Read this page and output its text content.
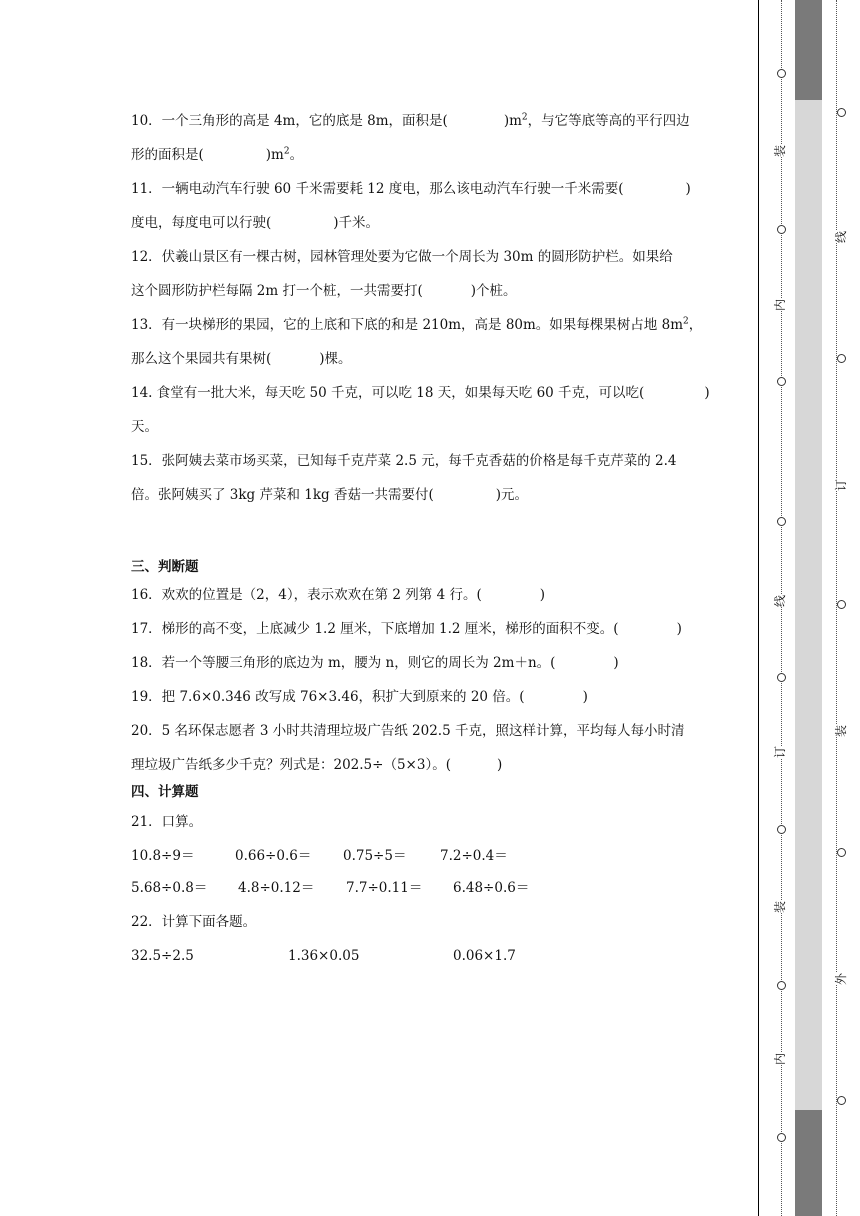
10．一个三角形的高是 4m，它的底是 8m，面积是(	)$m^2$，与它等底等高的平行四边
形的面积是(	)$m^2$。
11．一辆电动汽车行驶 60 千米需要耗 12 度电，那么该电动汽车行驶一千米需要(	)
度电，每度电可以行驶(	)千米。
12．伏羲山景区有一棵古树，园林管理处要为它做一个周长为 30m 的圆形防护栏。如果给
这个圆形防护栏每隔 2m 打一个桩，一共需要打(	)个桩。
13．有一块梯形的果园，它的上底和下底的和是 210m，高是 80m。如果每棵果树占地 $8m^2$，
那么这个果园共有果树(	)棵。
14. 食堂有一批大米，每天吃 50 千克，可以吃 18 天，如果每天吃 60 千克，可以吃(	)
天。
15．张阿姨去菜市场买菜，已知每千克芹菜 2.5 元，每千克香菇的价格是每千克芹菜的 2.4
倍。张阿姨买了 3kg 芹菜和 1kg 香菇一共需要付(	)元。
三、判断题
16．欢欢的位置是（2，4），表示欢欢在第 2 列第 4 行。(	)
17．梯形的高不变，上底减少 1.2 厘米，下底增加 1.2 厘米，梯形的面积不变。(	)
18．若一个等腰三角形的底边为 m，腰为 n，则它的周长为 2m＋n。(	)
19．把 7.6×0.346 改写成 76×3.46，积扩大到原来的 20 倍。(	)
20．5 名环保志愿者 3 小时共清理垃圾广告纸 202.5 千克，照这样计算，平均每人每小时清
理垃圾广告纸多少千克？列式是：202.5÷（5×3）。(	)
四、计算题
21．口算。
10.8÷9＝	0.66÷0.6＝	0.75÷5＝	7.2÷0.4＝
5.68÷0.8＝	4.8÷0.12＝	7.7÷0.11＝	6.48÷0.6＝
22．计算下面各题。
32.5÷2.5	1.36×0.05	0.06×1.7
装
内
线
订
装
内
线
订
装
外
